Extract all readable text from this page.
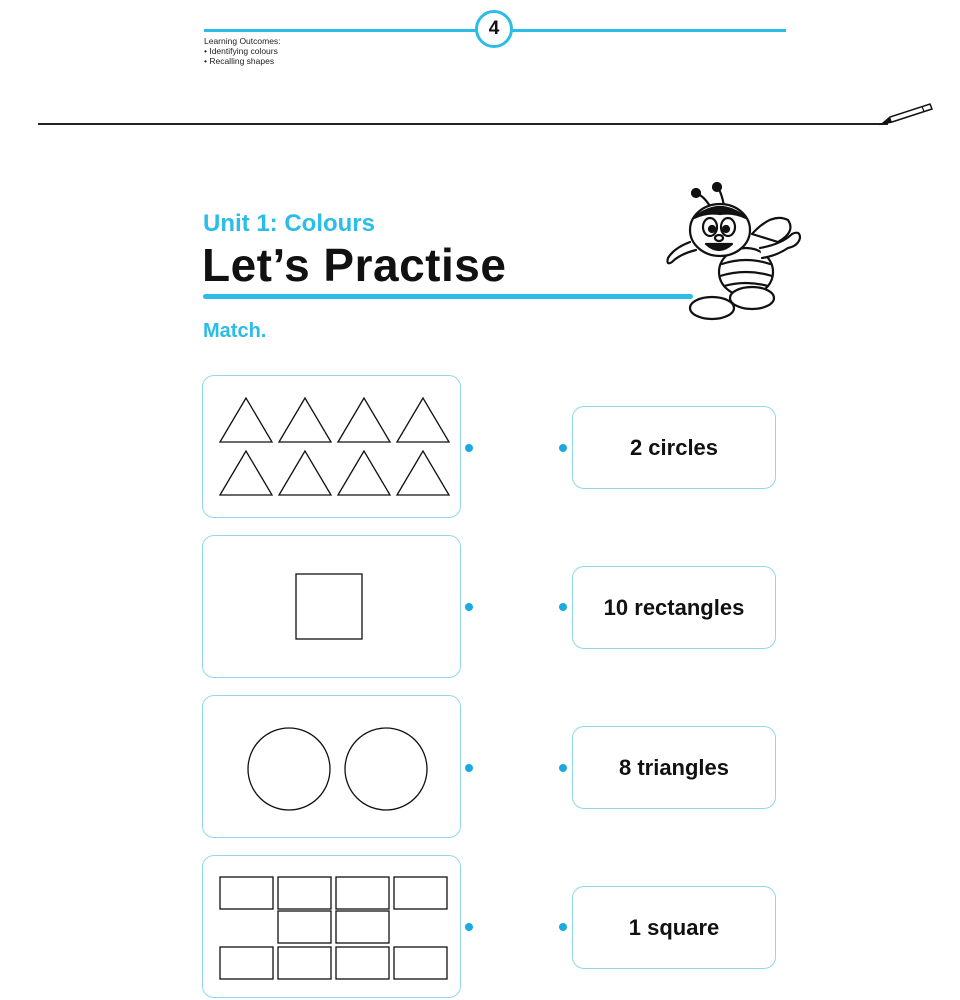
4
Learning Outcomes:
• Identifying colours
• Recalling shapes
Unit 1: Colours
Let’s Practise
Match.
2 circles
10 rectangles
8 triangles
1 square
